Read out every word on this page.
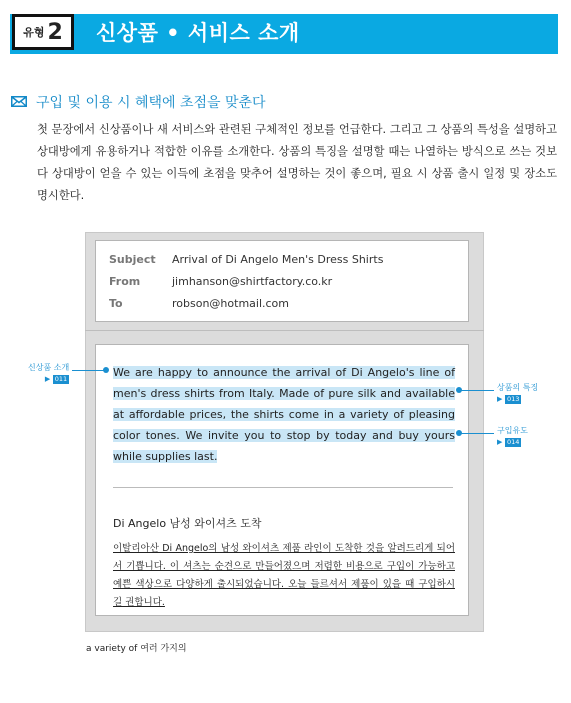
유형 2 신상품 • 서비스 소개
구입 및 이용 시 혜택에 초점을 맞춘다
첫 문장에서 신상품이나 새 서비스와 관련된 구체적인 정보를 언급한다. 그리고 그 상품의 특성을 설명하고 상대방에게 유용하거나 적합한 이유를 소개한다. 상품의 특징을 설명할 때는 나열하는 방식으로 쓰는 것보다 상대방이 얻을 수 있는 이득에 초점을 맞추어 설명하는 것이 좋으며, 필요 시 상품 출시 일정 및 장소도 명시한다.
Subject	Arrival of Di Angelo Men's Dress Shirts
From	jimhanson@shirtfactory.co.kr
To	robson@hotmail.com
We are happy to announce the arrival of Di Angelo's line of men's dress shirts from Italy. Made of pure silk and available at affordable prices, the shirts come in a variety of pleasing color tones. We invite you to stop by today and buy yours while supplies last.
Di Angelo 남성 와이셔츠 도착
이탈리아산 Di Angelo의 남성 와이셔츠 제품 라인이 도착한 것을 알려드리게 되어서 기쁩니다. 이 셔츠는 순견으로 만들어졌으며 저렴한 비용으로 구입이 가능하고 예쁜 색상으로 다양하게 출시되었습니다. 오늘 들르셔서 제품이 있을 때 구입하시길 권합니다.
신상품 소개
▶ 011
상품의 특징
▶ 013
구입유도
▶ 014
a variety of 여러 가지의
